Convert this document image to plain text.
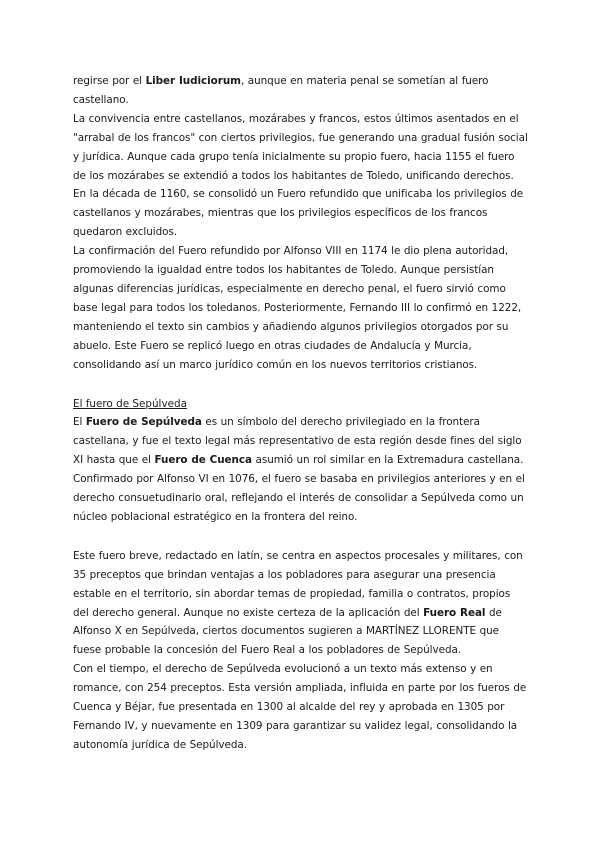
regirse por el Liber Iudiciorum, aunque en materia penal se sometían al fuero castellano.

La convivencia entre castellanos, mozárabes y francos, estos últimos asentados en el "arrabal de los francos" con ciertos privilegios, fue generando una gradual fusión social y jurídica. Aunque cada grupo tenía inicialmente su propio fuero, hacia 1155 el fuero de los mozárabes se extendió a todos los habitantes de Toledo, unificando derechos. En la década de 1160, se consolidó un Fuero refundido que unificaba los privilegios de castellanos y mozárabes, mientras que los privilegios específicos de los francos quedaron excluidos.

La confirmación del Fuero refundido por Alfonso VIII en 1174 le dio plena autoridad, promoviendo la igualdad entre todos los habitantes de Toledo. Aunque persistían algunas diferencias jurídicas, especialmente en derecho penal, el fuero sirvió como base legal para todos los toledanos. Posteriormente, Fernando III lo confirmó en 1222, manteniendo el texto sin cambios y añadiendo algunos privilegios otorgados por su abuelo. Este Fuero se replicó luego en otras ciudades de Andalucía y Murcia, consolidando así un marco jurídico común en los nuevos territorios cristianos.

El fuero de Sepúlveda

El Fuero de Sepúlveda es un símbolo del derecho privilegiado en la frontera castellana, y fue el texto legal más representativo de esta región desde fines del siglo XI hasta que el Fuero de Cuenca asumió un rol similar en la Extremadura castellana. Confirmado por Alfonso VI en 1076, el fuero se basaba en privilegios anteriores y en el derecho consuetudinario oral, reflejando el interés de consolidar a Sepúlveda como un núcleo poblacional estratégico en la frontera del reino.

Este fuero breve, redactado en latín, se centra en aspectos procesales y militares, con 35 preceptos que brindan ventajas a los pobladores para asegurar una presencia estable en el territorio, sin abordar temas de propiedad, familia o contratos, propios del derecho general. Aunque no existe certeza de la aplicación del Fuero Real de Alfonso X en Sepúlveda, ciertos documentos sugieren a MARTÍNEZ LLORENTE que fuese probable la concesión del Fuero Real a los pobladores de Sepúlveda.

Con el tiempo, el derecho de Sepúlveda evolucionó a un texto más extenso y en romance, con 254 preceptos. Esta versión ampliada, influida en parte por los fueros de Cuenca y Béjar, fue presentada en 1300 al alcalde del rey y aprobada en 1305 por Fernando IV, y nuevamente en 1309 para garantizar su validez legal, consolidando la autonomía jurídica de Sepúlveda.
